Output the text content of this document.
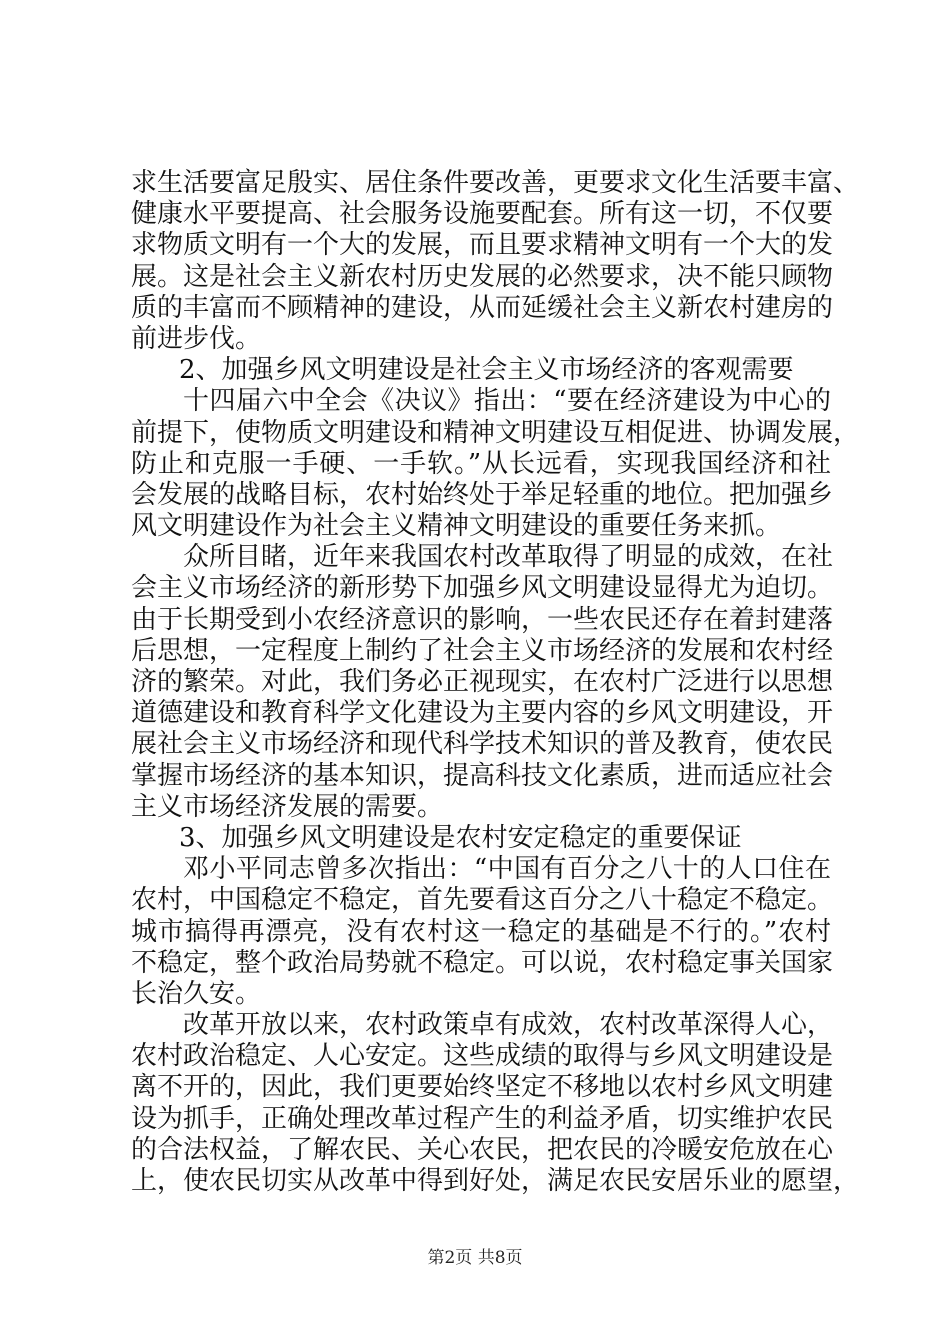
求生活要富足殷实、居住条件要改善，更要求文化生活要丰富、
健康水平要提高、社会服务设施要配套。所有这一切，不仅要
求物质文明有一个大的发展，而且要求精神文明有一个大的发
展。这是社会主义新农村历史发展的必然要求，决不能只顾物
质的丰富而不顾精神的建设，从而延缓社会主义新农村建房的
前进步伐。
2、加强乡风文明建设是社会主义市场经济的客观需要
十四届六中全会《决议》指出：“要在经济建设为中心的
前提下，使物质文明建设和精神文明建设互相促进、协调发展，
防止和克服一手硬、一手软。”从长远看，实现我国经济和社
会发展的战略目标，农村始终处于举足轻重的地位。把加强乡
风文明建设作为社会主义精神文明建设的重要任务来抓。
众所目睹，近年来我国农村改革取得了明显的成效，在社
会主义市场经济的新形势下加强乡风文明建设显得尤为迫切。
由于长期受到小农经济意识的影响，一些农民还存在着封建落
后思想，一定程度上制约了社会主义市场经济的发展和农村经
济的繁荣。对此，我们务必正视现实，在农村广泛进行以思想
道德建设和教育科学文化建设为主要内容的乡风文明建设，开
展社会主义市场经济和现代科学技术知识的普及教育，使农民
掌握市场经济的基本知识，提高科技文化素质，进而适应社会
主义市场经济发展的需要。
3、加强乡风文明建设是农村安定稳定的重要保证
邓小平同志曾多次指出：“中国有百分之八十的人口住在
农村，中国稳定不稳定，首先要看这百分之八十稳定不稳定。
城市搞得再漂亮，没有农村这一稳定的基础是不行的。”农村
不稳定，整个政治局势就不稳定。可以说，农村稳定事关国家
长治久安。
改革开放以来，农村政策卓有成效，农村改革深得人心，
农村政治稳定、人心安定。这些成绩的取得与乡风文明建设是
离不开的，因此，我们更要始终坚定不移地以农村乡风文明建
设为抓手，正确处理改革过程产生的利益矛盾，切实维护农民
的合法权益，了解农民、关心农民，把农民的冷暖安危放在心
上，使农民切实从改革中得到好处，满足农民安居乐业的愿望，
第2页 共8页
